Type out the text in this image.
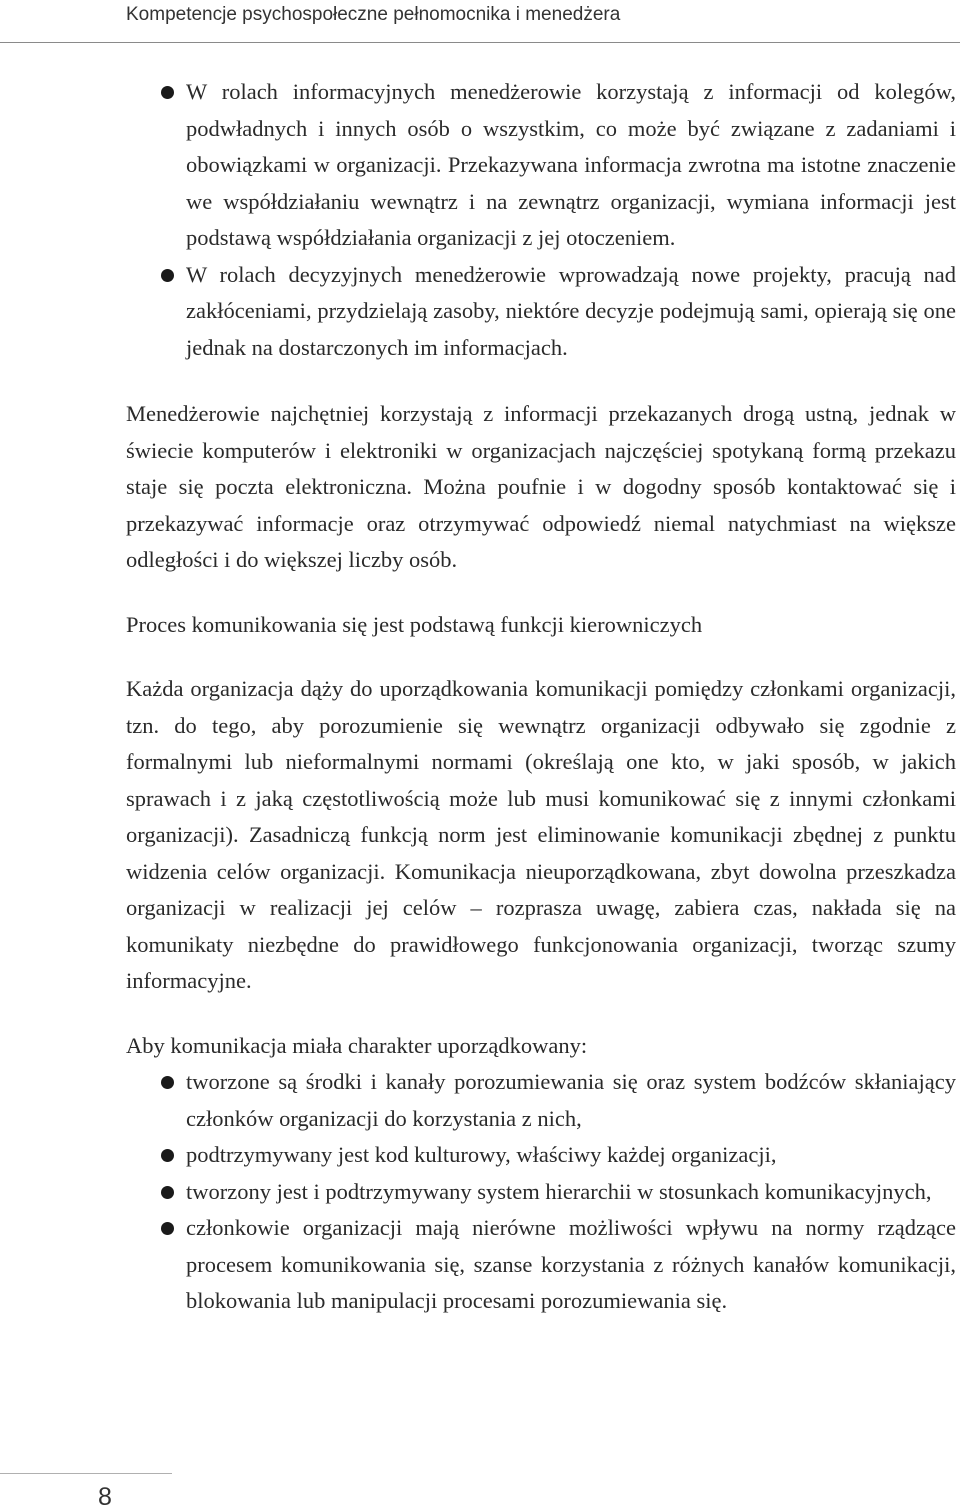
Kompetencje psychospołeczne pełnomocnika i menedżera
W rolach informacyjnych menedżerowie korzystają z informacji od kolegów, podwładnych i innych osób o wszystkim, co może być związane z zadaniami i obowiązkami w organizacji. Przekazywana informacja zwrotna ma istotne znaczenie we współdziałaniu wewnątrz i na zewnątrz organizacji, wymiana informacji jest podstawą współdziałania organizacji z jej otoczeniem.
W rolach decyzyjnych menedżerowie wprowadzają nowe projekty, pracują nad zakłóceniami, przydzielają zasoby, niektóre decyzje podejmują sami, opierają się one jednak na dostarczonych im informacjach.

Menedżerowie najchętniej korzystają z informacji przekazanych drogą ustną, jednak w świecie komputerów i elektroniki w organizacjach najczęściej spotykaną formą przekazu staje się poczta elektroniczna. Można poufnie i w dogodny sposób kontaktować się i przekazywać informacje oraz otrzymywać odpowiedź niemal natychmiast na większe odległości i do większej liczby osób.

Proces komunikowania się jest podstawą funkcji kierowniczych

Każda organizacja dąży do uporządkowania komunikacji pomiędzy członkami organizacji, tzn. do tego, aby porozumienie się wewnątrz organizacji odbywało się zgodnie z formalnymi lub nieformalnymi normami (określają one kto, w jaki sposób, w jakich sprawach i z jaką częstotliwością może lub musi komunikować się z innymi członkami organizacji). Zasadniczą funkcją norm jest eliminowanie komunikacji zbędnej z punktu widzenia celów organizacji. Komunikacja nieuporządkowana, zbyt dowolna przeszkadza organizacji w realizacji jej celów – rozprasza uwagę, zabiera czas, nakłada się na komunikaty niezbędne do prawidłowego funkcjonowania organizacji, tworząc szumy informacyjne.

Aby komunikacja miała charakter uporządkowany:

tworzone są środki i kanały porozumiewania się oraz system bodźców skłaniający członków organizacji do korzystania z nich,
podtrzymywany jest kod kulturowy, właściwy każdej organizacji,
tworzony jest i podtrzymywany system hierarchii w stosunkach komunikacyjnych,
członkowie organizacji mają nierówne możliwości wpływu na normy rządzące procesem komunikowania się, szanse korzystania z różnych kanałów komunikacji, blokowania lub manipulacji procesami porozumiewania się.
8
